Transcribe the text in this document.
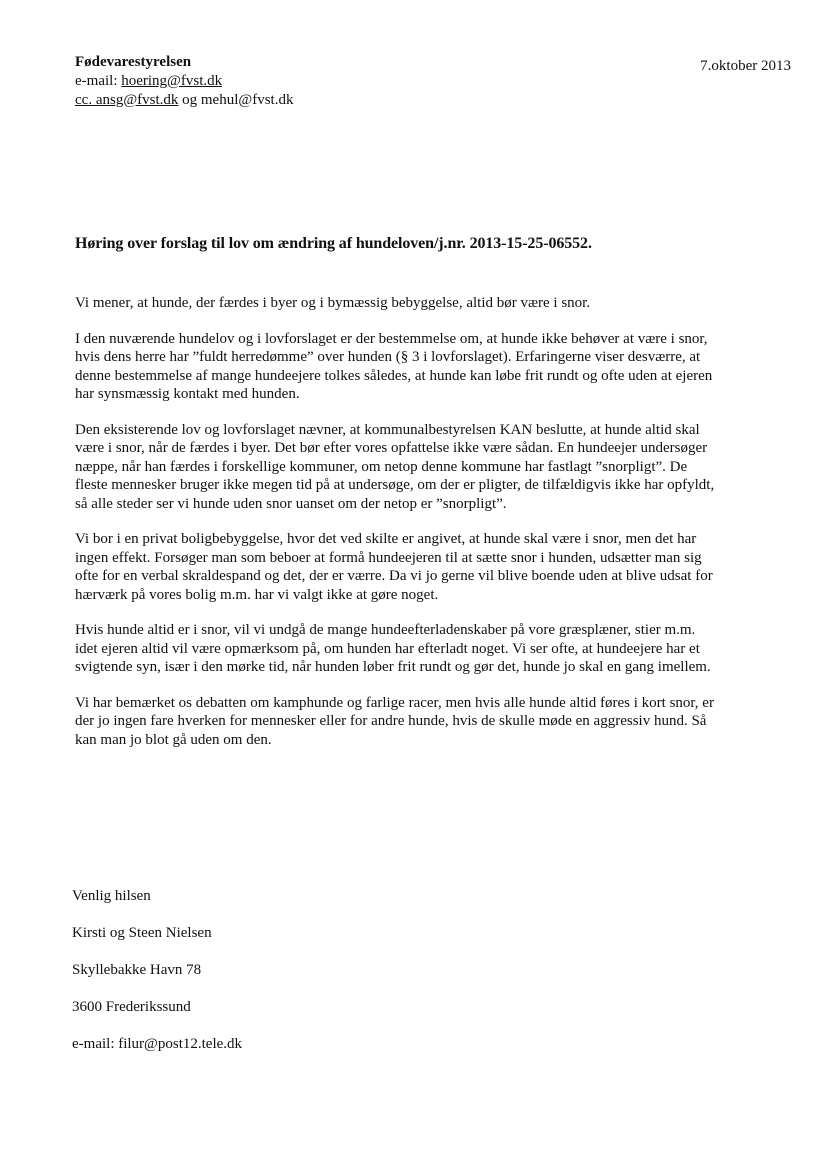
Fødevarestyrelsen
e-mail: hoering@fvst.dk
cc. ansg@fvst.dk og mehul@fvst.dk
7.oktober 2013
Høring over forslag til lov om ændring af hundeloven/j.nr. 2013-15-25-06552.

Vi mener, at hunde, der færdes i byer og i bymæssig bebyggelse, altid bør være i snor.

I den nuværende hundelov og i lovforslaget er der bestemmelse om, at hunde ikke behøver at være i snor, hvis dens herre har ”fuldt herredømme” over hunden (§ 3 i lovforslaget). Erfaringerne viser desværre, at denne bestemmelse af mange hundeejere tolkes således, at hunde kan løbe frit rundt og ofte uden at ejeren har synsmæssig kontakt med hunden.

Den eksisterende lov og lovforslaget nævner, at kommunalbestyrelsen KAN beslutte, at hunde altid skal være i snor, når de færdes i byer. Det bør efter vores opfattelse ikke være sådan. En hundeejer undersøger næppe, når han færdes i forskellige kommuner, om netop denne kommune har fastlagt ”snorpligt”. De fleste mennesker bruger ikke megen tid på at undersøge, om der er pligter, de tilfældigvis ikke har opfyldt, så alle steder ser vi hunde uden snor uanset om der netop er ”snorpligt”.

Vi bor i en privat boligbebyggelse, hvor det ved skilte er angivet, at hunde skal være i snor, men det har ingen effekt. Forsøger man som beboer at formå hundeejeren til at sætte snor i hunden, udsætter man sig ofte for en verbal skraldespand og det, der er værre. Da vi jo gerne vil blive boende uden at blive udsat for hærværk på vores bolig m.m. har vi valgt ikke at gøre noget.

Hvis hunde altid er i snor, vil vi undgå de mange hundeefterladenskaber på vore græsplæner, stier m.m. idet ejeren altid vil være opmærksom på, om hunden har efterladt noget. Vi ser ofte, at hundeejere har et svigtende syn, især i den mørke tid, når hunden løber frit rundt og gør det, hunde jo skal en gang imellem.

Vi har bemærket os debatten om kamphunde og farlige racer, men hvis alle hunde altid føres i kort snor, er der jo ingen fare hverken for mennesker eller for andre hunde, hvis de skulle møde en aggressiv hund. Så kan man jo blot gå uden om den.

Venlig hilsen
Kirsti og Steen Nielsen
Skyllebakke Havn 78
3600 Frederikssund
e-mail: filur@post12.tele.dk
